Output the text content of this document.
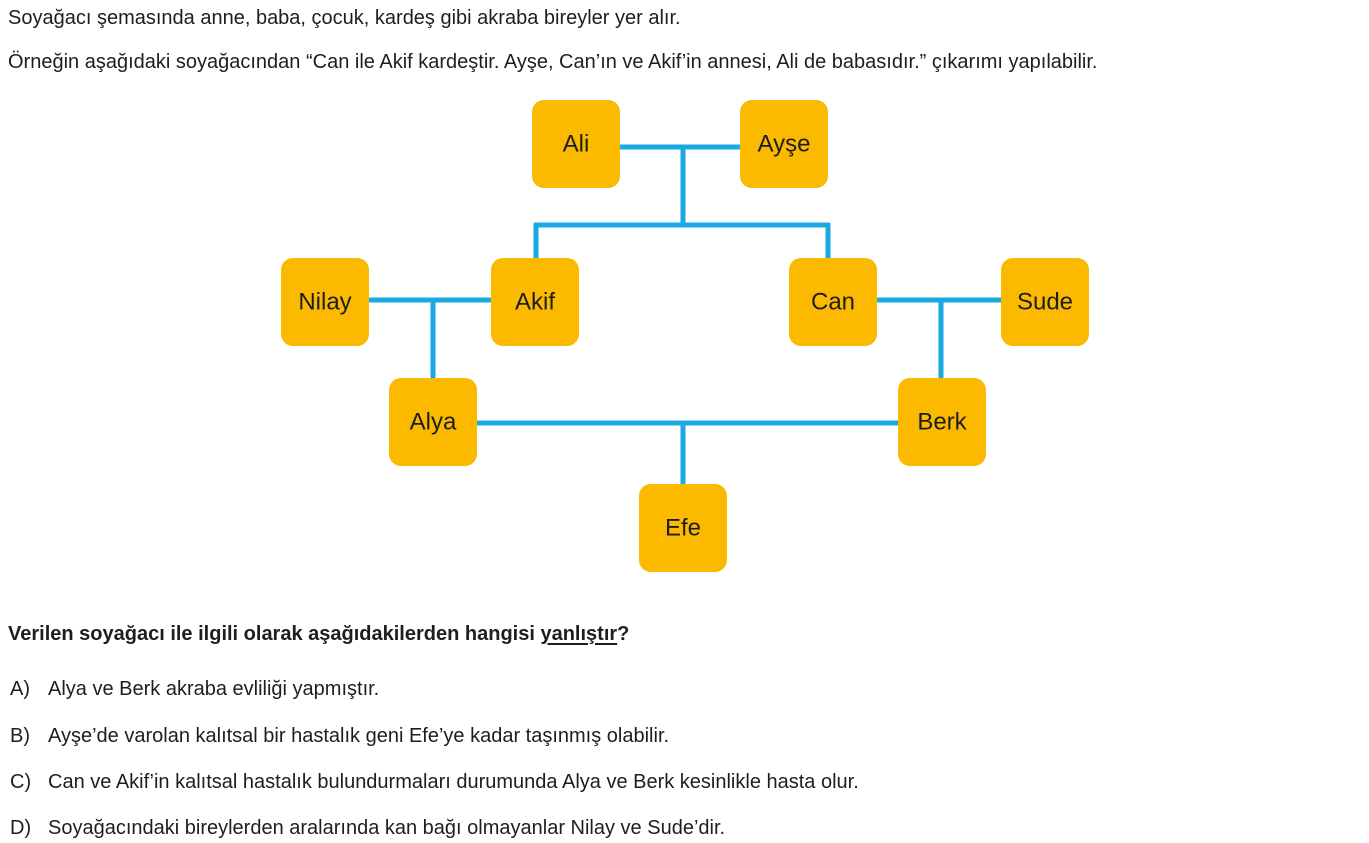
Soyağacı şemasında anne, baba, çocuk, kardeş gibi akraba bireyler yer alır.
Örneğin aşağıdaki soyağacından “Can ile Akif kardeştir. Ayşe, Can’ın ve Akif’in annesi, Ali de babasıdır.” çıkarımı yapılabilir.
Ali	Ayşe
Nilay	Akif	Can	Sude
Alya	Berk
Efe
Verilen soyağacı ile ilgili olarak aşağıdakilerden hangisi yanlıştır?
A) Alya ve Berk akraba evliliği yapmıştır.
B) Ayşe’de varolan kalıtsal bir hastalık geni Efe’ye kadar taşınmış olabilir.
C) Can ve Akif’in kalıtsal hastalık bulundurmaları durumunda Alya ve Berk kesinlikle hasta olur.
D) Soyağacındaki bireylerden aralarında kan bağı olmayanlar Nilay ve Sude’dir.
